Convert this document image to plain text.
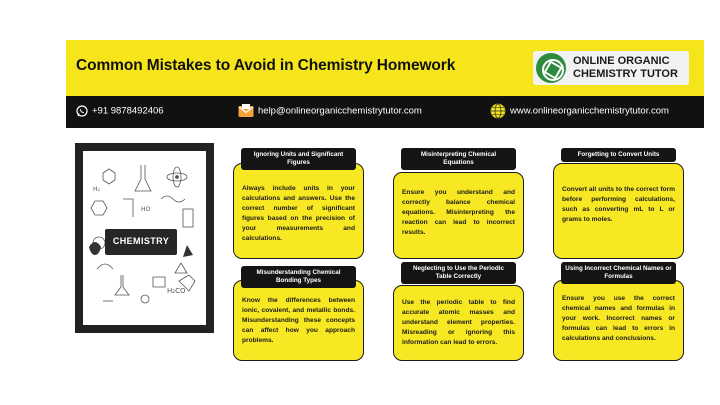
Common Mistakes to Avoid in Chemistry Homework	ONLINE ORGANIC
CHEMISTRY TUTOR
+91 9878492406	help@onlineorganicchemistrytutor.com	www.onlineorganicchemistrytutor.com
HO
H₂
H₂CO
CHEMISTRY
Always include units in your calculations and answers. Use the correct number of significant figures based on the precision of your measurements and calculations.
Ignoring Units and Significant Figures
Ensure you understand and correctly balance chemical equations. Misinterpreting the reaction can lead to incorrect results.
Misinterpreting Chemical Equations
Convert all units to the correct form before performing calculations, such as converting mL to L or grams to moles.
Forgetting to Convert Units
Know the differences between ionic, covalent, and metallic bonds. Misunderstanding these concepts can affect how you approach problems.
Misunderstanding Chemical Bonding Types
Use the periodic table to find accurate atomic masses and understand element properties. Misreading or ignoring this information can lead to errors.
Neglecting to Use the Periodic Table Correctly
Ensure you use the correct chemical names and formulas in your work. Incorrect names or formulas can lead to errors in calculations and conclusions.
Using Incorrect Chemical Names or Formulas
